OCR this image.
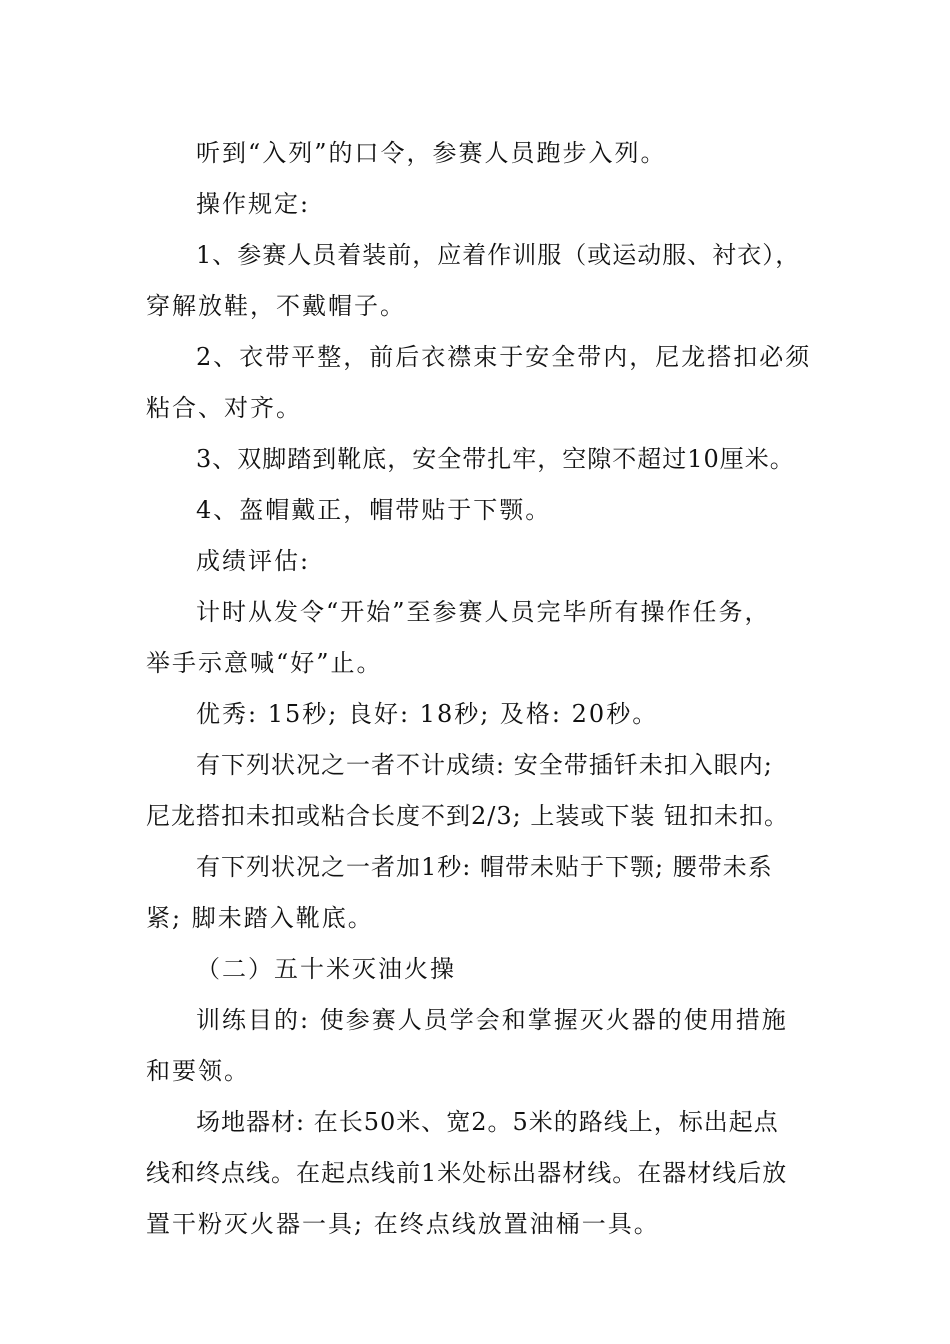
听到“入列”的口令，参赛人员跑步入列。
操作规定:
1、参赛人员着装前，应着作训服（或运动服、衬衣），
穿解放鞋，不戴帽子。
2、衣带平整，前后衣襟束于安全带内，尼龙搭扣必须
粘合、对齐。
3、双脚踏到靴底，安全带扎牢，空隙不超过10厘米。
4、盔帽戴正，帽带贴于下颚。
成绩评估:
计时从发令“开始”至参赛人员完毕所有操作任务，
举手示意喊“好”止。
优秀: 15秒; 良好: 18秒; 及格: 20秒。
有下列状况之一者不计成绩: 安全带插钎未扣入眼内;
尼龙搭扣未扣或粘合长度不到2/3; 上装或下装 钮扣未扣。
有下列状况之一者加1秒: 帽带未贴于下颚; 腰带未系
紧; 脚未踏入靴底。
（二）五十米灭油火操
训练目的: 使参赛人员学会和掌握灭火器的使用措施
和要领。
场地器材: 在长50米、宽2。5米的路线上，标出起点
线和终点线。在起点线前1米处标出器材线。在器材线后放
置干粉灭火器一具; 在终点线放置油桶一具。
